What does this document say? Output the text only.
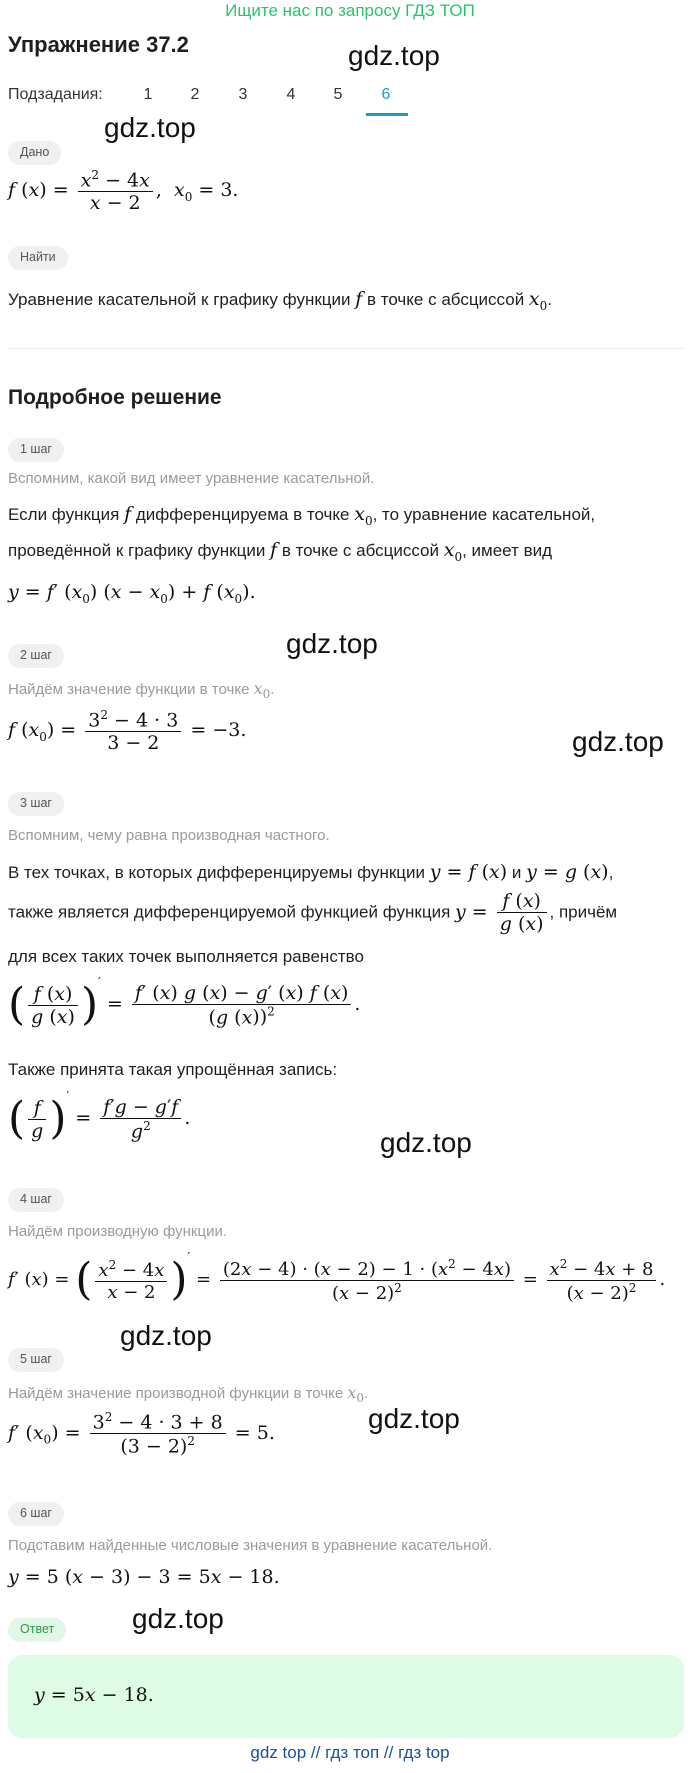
Ищите нас по запросу ГДЗ ТОП
Упражнение 37.2
Подзадания:	1	2	3	4	5	6
Дано
f $(x) = \frac{x^2 - 4x}{x - 2}$ ,  $x_0 = 3$.
Найти
Уравнение касательной к графику функции f в точке с абсциссой $x_0$.
Подробное решение
1 шаг
Вспомним, какой вид имеет уравнение касательной.
Если функция f дифференцируема в точке $x_0$, то уравнение касательной,
проведённой к графику функции f в точке с абсциссой $x_0$, имеет вид
y = f′ $(x_0) (x - x_0) + f$ $(x_0)$.
gdz.top
gdz.top
gdz.top
2 шаг
Найдём значение функции в точке $x_0$.
f $(x_0) = \frac{3^2 - 4 \cdot 3}{3 - 2} = -3$.	gdz.top
3 шаг
Вспомним, чему равна производная частного.
В тех точках, в которых дифференцируемы функции y = f (x) и y = g (x),
также является дифференцируемой функцией функция $y = \frac{f (x)}{g (x)}$ , причём
для всех таких точек выполняется равенство
( $\frac{f (x)}{g (x)} )' = \frac{f' (x) g (x) - g' (x) f (x)}{(g (x))^2}$ .
Также принята такая упрощённая запись:
( $\frac{f}{g} )' = \frac{f'g - g'f}{g^2}$ .
gdz.top
4 шаг
Найдём производную функции.
f′ (x) = ( $\frac{x^2 - 4x}{x - 2} )' = \frac{(2x - 4) \cdot (x - 2) - 1 \cdot (x^2 - 4x)}{(x - 2)^2} = \frac{x^2 - 4x + 8}{(x - 2)^2}$ .
gdz.top
5 шаг
Найдём значение производной функции в точке $x_0$.
f′ $(x_0) = \frac{3^2 - 4 \cdot 3 + 8}{(3 - 2)^2} = 5$.	gdz.top
6 шаг
Подставим найденные числовые значения в уравнение касательной.
y = 5 (x − 3) − 3 = 5x − 18.
Ответ	gdz.top
y = 5x − 18.
gdz top // гдз топ // гдз top
